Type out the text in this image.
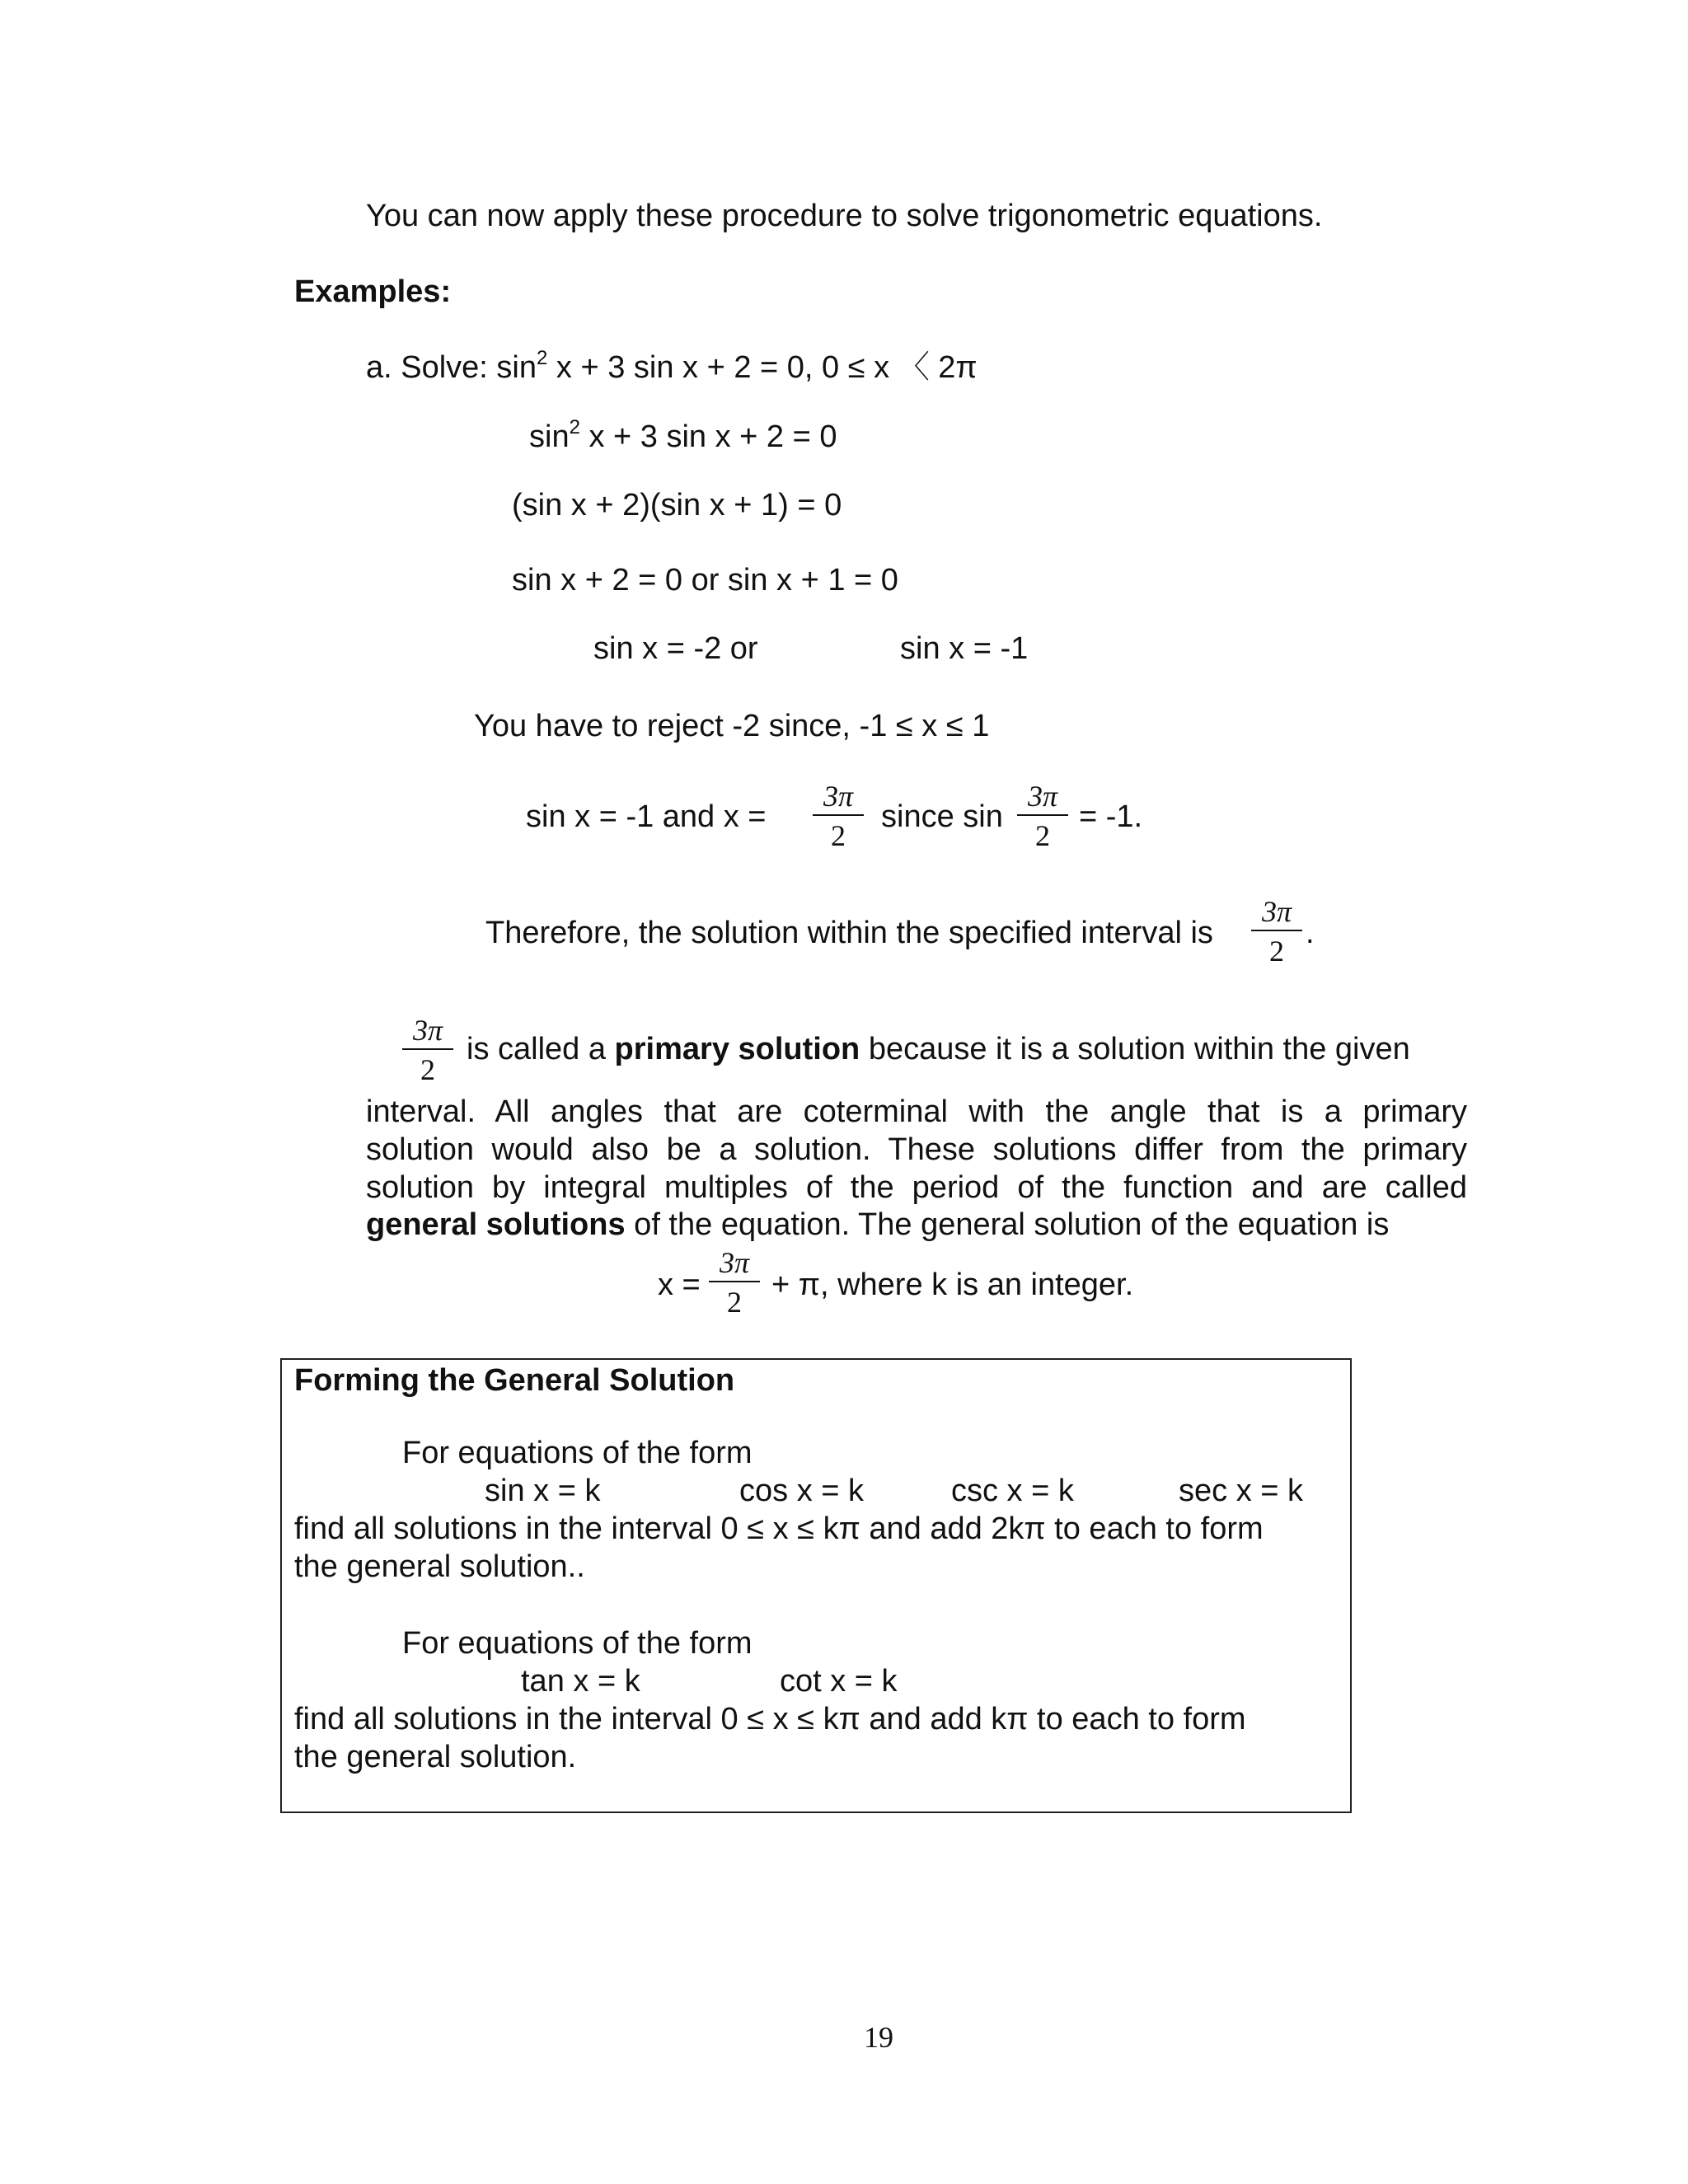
You can now apply these procedure to solve trigonometric equations.
Examples:
a. Solve: $\sin^2 x + 3$ sin x + 2 = 0, 0 ≤ x 〈 2π
$\sin^2 x + 3$ sin x + 2 = 0
(sin x + 2)(sin x + 1) = 0
sin x + 2 = 0 or sin x + 1 = 0
sin x = -2 or	sin x = -1
You have to reject -2 since, -1 ≤ x ≤ 1
sin x = -1 and $x = \frac{3\pi}{2}$ since $\sin \frac{3\pi}{2} = -1$.
Therefore, the solution within the specified interval is $\frac{3\pi}{2}$ .
$\frac{3\pi}{2}$ is called a primary solution because it is a solution within the given
interval. All angles that are coterminal with the angle that is a primary
solution would also be a solution. These solutions differ from the primary
solution by integral multiples of the period of the function and are called
general solutions of the equation. The general solution of the equation is
$x = \frac{3\pi}{2} + \pi$, where k is an integer.
Forming the General Solution
For equations of the form
sin x = k	cos x = k	csc x = k	sec x = k
find all solutions in the interval 0 ≤ x ≤ kπ and add 2kπ to each to form
the general solution..
For equations of the form
tan x = k	cot x = k
find all solutions in the interval 0 ≤ x ≤ kπ and add kπ to each to form
the general solution.
19
